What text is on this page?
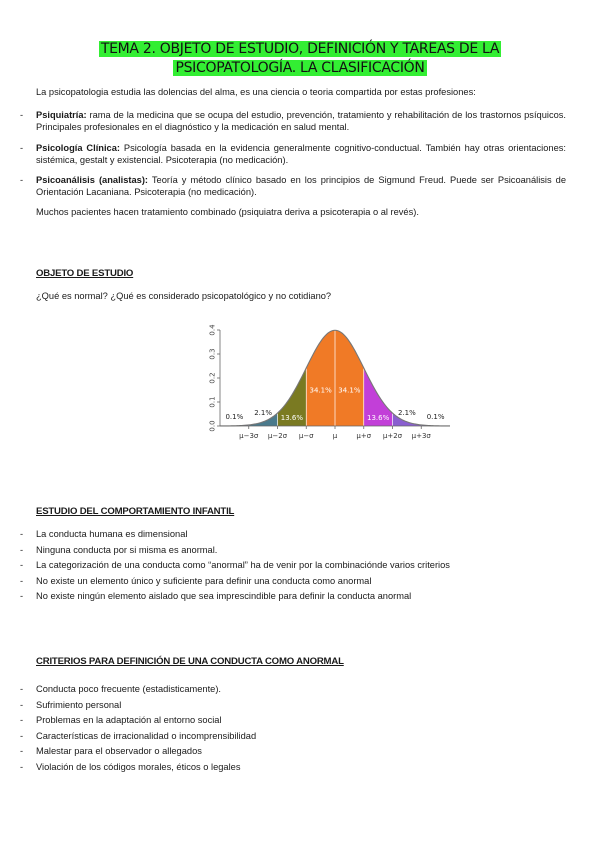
TEMA 2. OBJETO DE ESTUDIO, DEFINICIÓN Y TAREAS DE LA
PSICOPATOLOGÍA. LA CLASIFICACIÓN
La psicopatologia estudia las dolencias del alma, es una ciencia o teoria compartida por estas profesiones:
- Psiquiatría: rama de la medicina que se ocupa del estudio, prevención, tratamiento y rehabilitación de los trastornos psíquicos. Principales profesionales en el diagnóstico y la medicación en salud mental.
- Psicología Clínica: Psicología basada en la evidencia generalmente cognitivo-conductual. También hay otras orientaciones: sistémica, gestalt y existencial. Psicoterapia (no medicación).
- Psicoanálisis (analistas): Teoría y método clínico basado en los principios de Sigmund Freud. Puede ser Psicoanálisis de Orientación Lacaniana. Psicoterapia (no medicación).
Muchos pacientes hacen tratamiento combinado (psiquiatra deriva a psicoterapia o al revés).
OBJETO DE ESTUDIO
¿Qué es normal? ¿Qué es considerado psicopatológico y no cotidiano?
0.0
0.1
0.2
0.3
0.4
0.1% 2.1%
13.6%
34.1% 34.1%
13.6%
2.1% 0.1%
μ−3σ μ−2σ μ−σ	μ	μ+σ μ+2σ μ+3σ
ESTUDIO DEL COMPORTAMIENTO INFANTIL
- La conducta humana es dimensional
- Ninguna conducta por si misma es anormal.
- La categorización de una conducta como “anormal” ha de venir por la combinaciónde varios criterios
- No existe un elemento único y suficiente para definir una conducta como anormal
- No existe ningún elemento aislado que sea imprescindible para definir la conducta anormal
CRITERIOS PARA DEFINICIÓN DE UNA CONDUCTA COMO ANORMAL
- Conducta poco frecuente (estadisticamente).
- Sufrimiento personal
- Problemas en la adaptación al entorno social
- Características de irracionalidad o incomprensibilidad
- Malestar para el observador o allegados
- Violación de los códigos morales, éticos o legales
